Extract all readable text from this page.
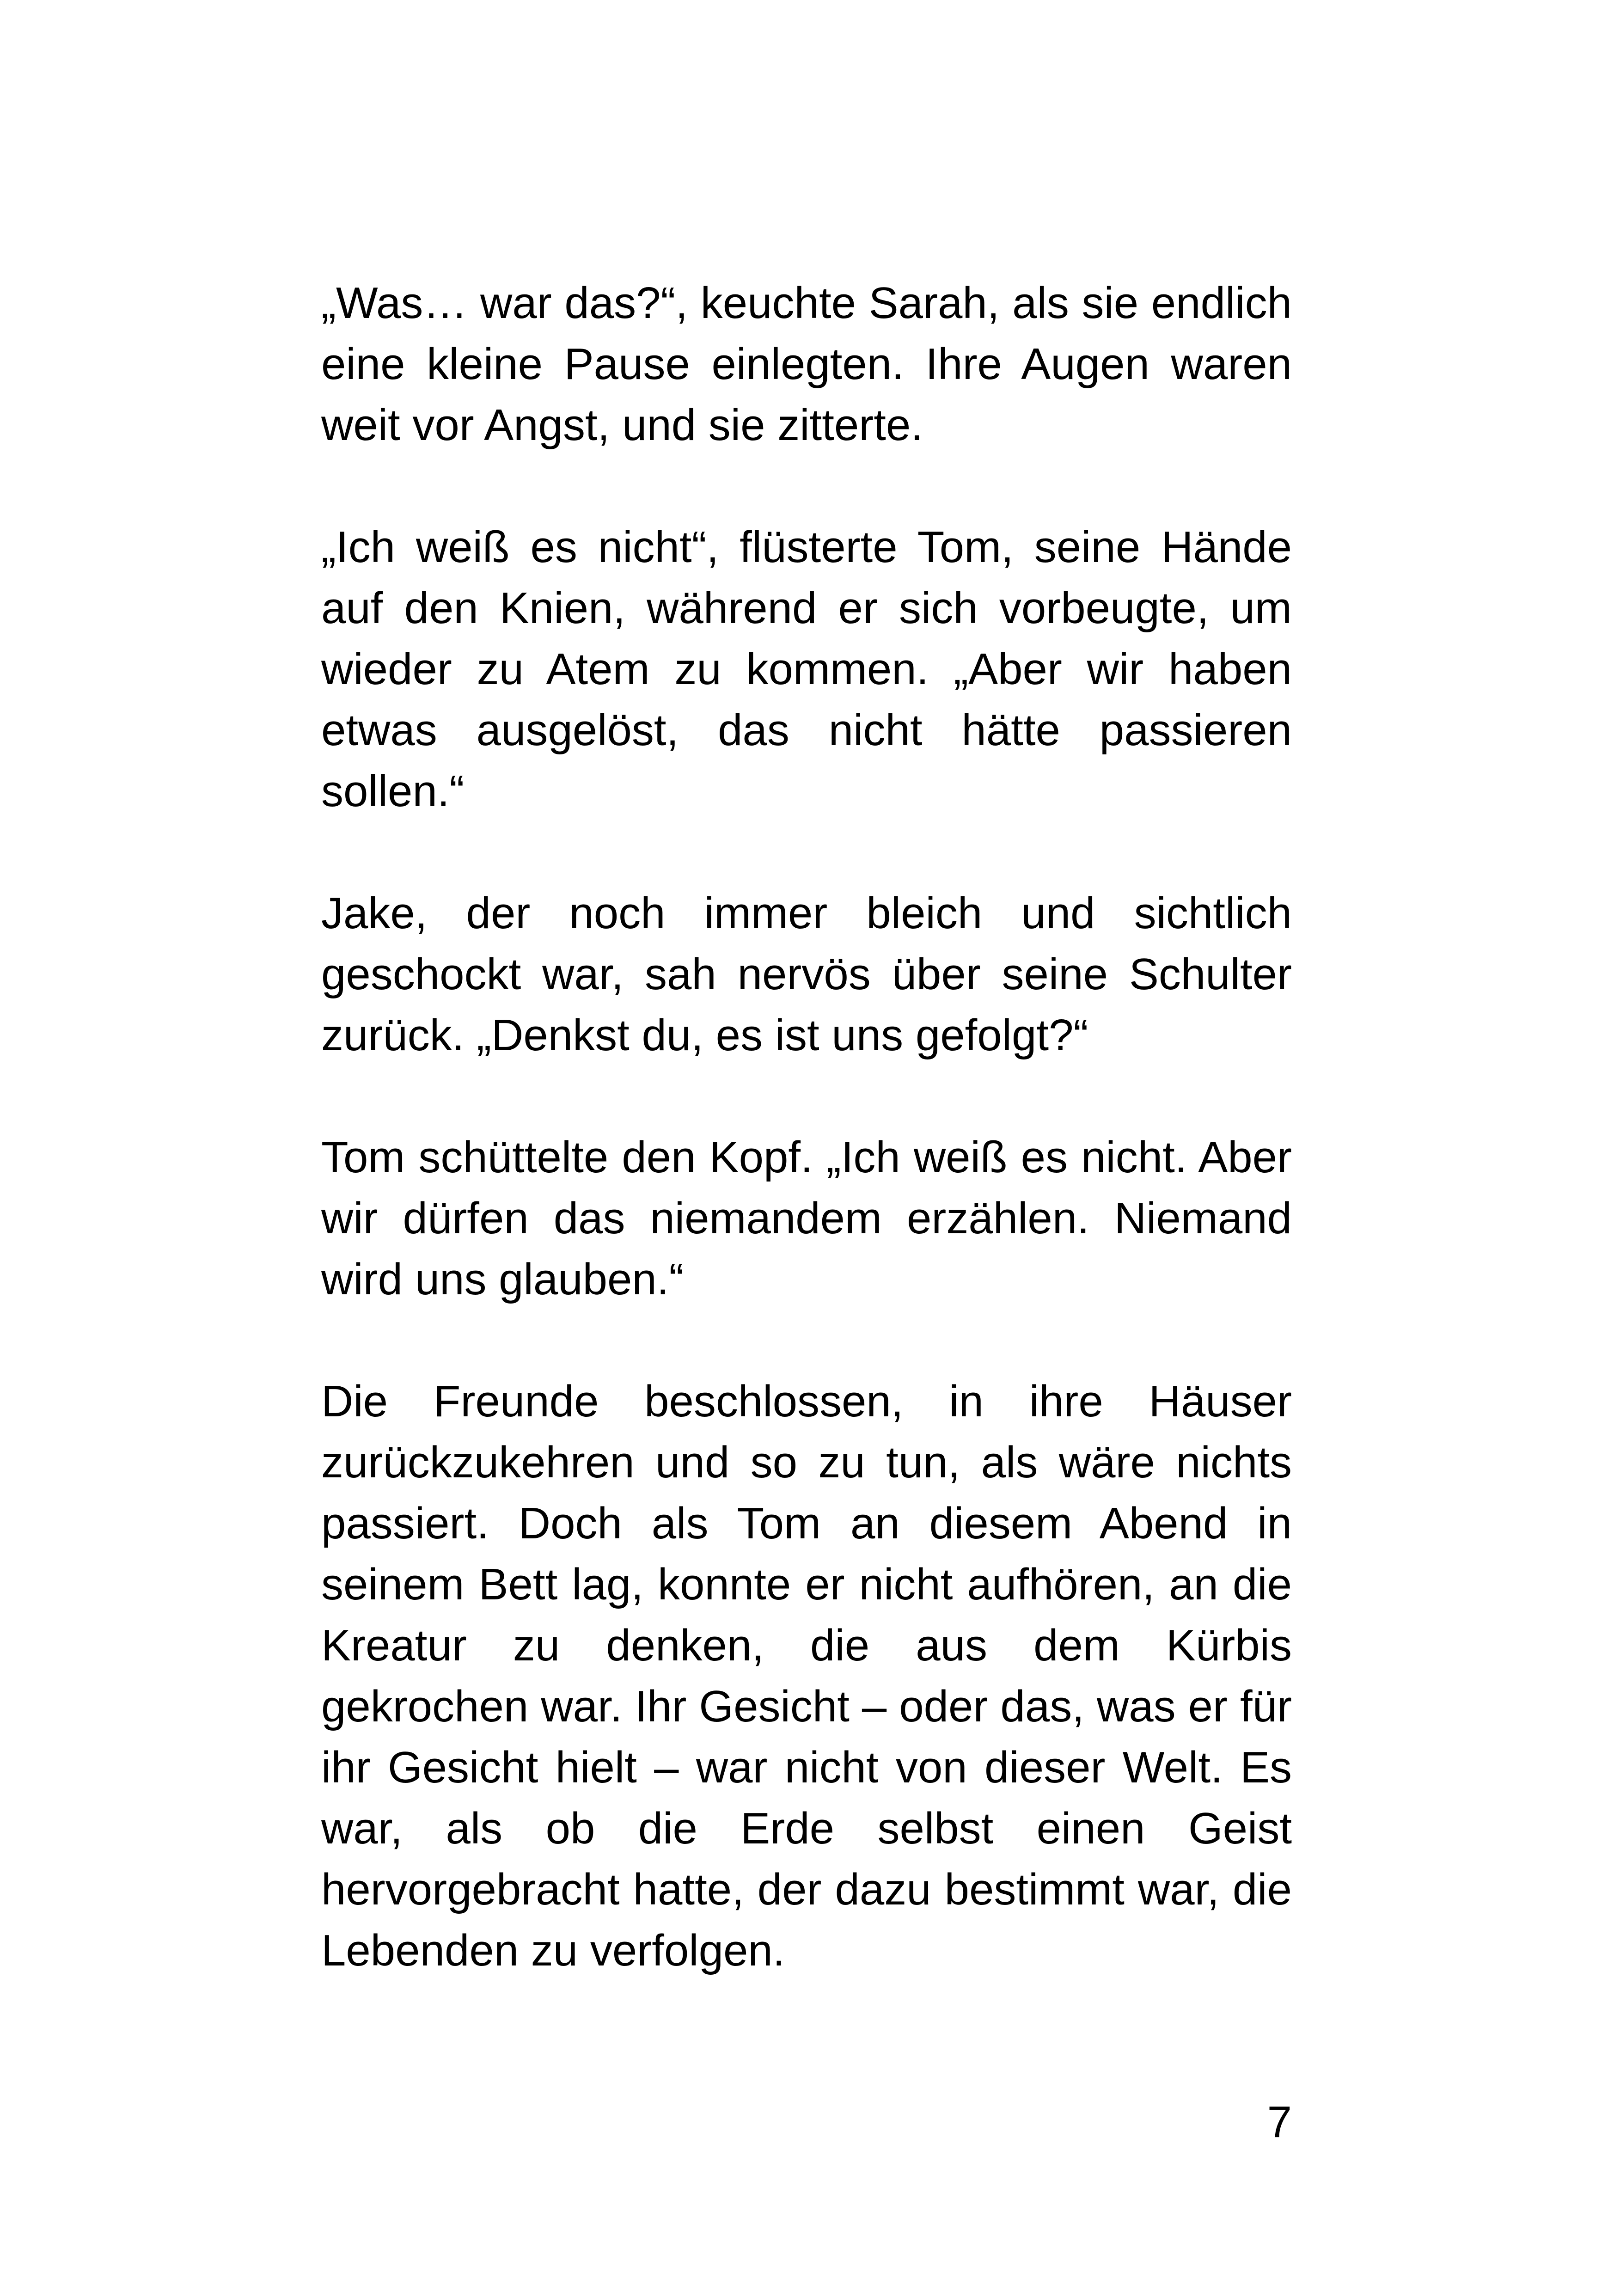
„Was… war das?“, keuchte Sarah, als sie endlich eine kleine Pause einlegten. Ihre Augen waren weit vor Angst, und sie zitterte.

„Ich weiß es nicht“, flüsterte Tom, seine Hände auf den Knien, während er sich vorbeugte, um wieder zu Atem zu kommen. „Aber wir haben etwas ausgelöst, das nicht hätte passieren sollen.“

Jake, der noch immer bleich und sichtlich geschockt war, sah nervös über seine Schulter zurück. „Denkst du, es ist uns gefolgt?“

Tom schüttelte den Kopf. „Ich weiß es nicht. Aber wir dürfen das niemandem erzählen. Niemand wird uns glauben.“

Die Freunde beschlossen, in ihre Häuser zurückzukehren und so zu tun, als wäre nichts passiert. Doch als Tom an diesem Abend in seinem Bett lag, konnte er nicht aufhören, an die Kreatur zu denken, die aus dem Kürbis gekrochen war. Ihr Gesicht – oder das, was er für ihr Gesicht hielt – war nicht von dieser Welt. Es war, als ob die Erde selbst einen Geist hervorgebracht hatte, der dazu bestimmt war, die Lebenden zu verfolgen.

7
